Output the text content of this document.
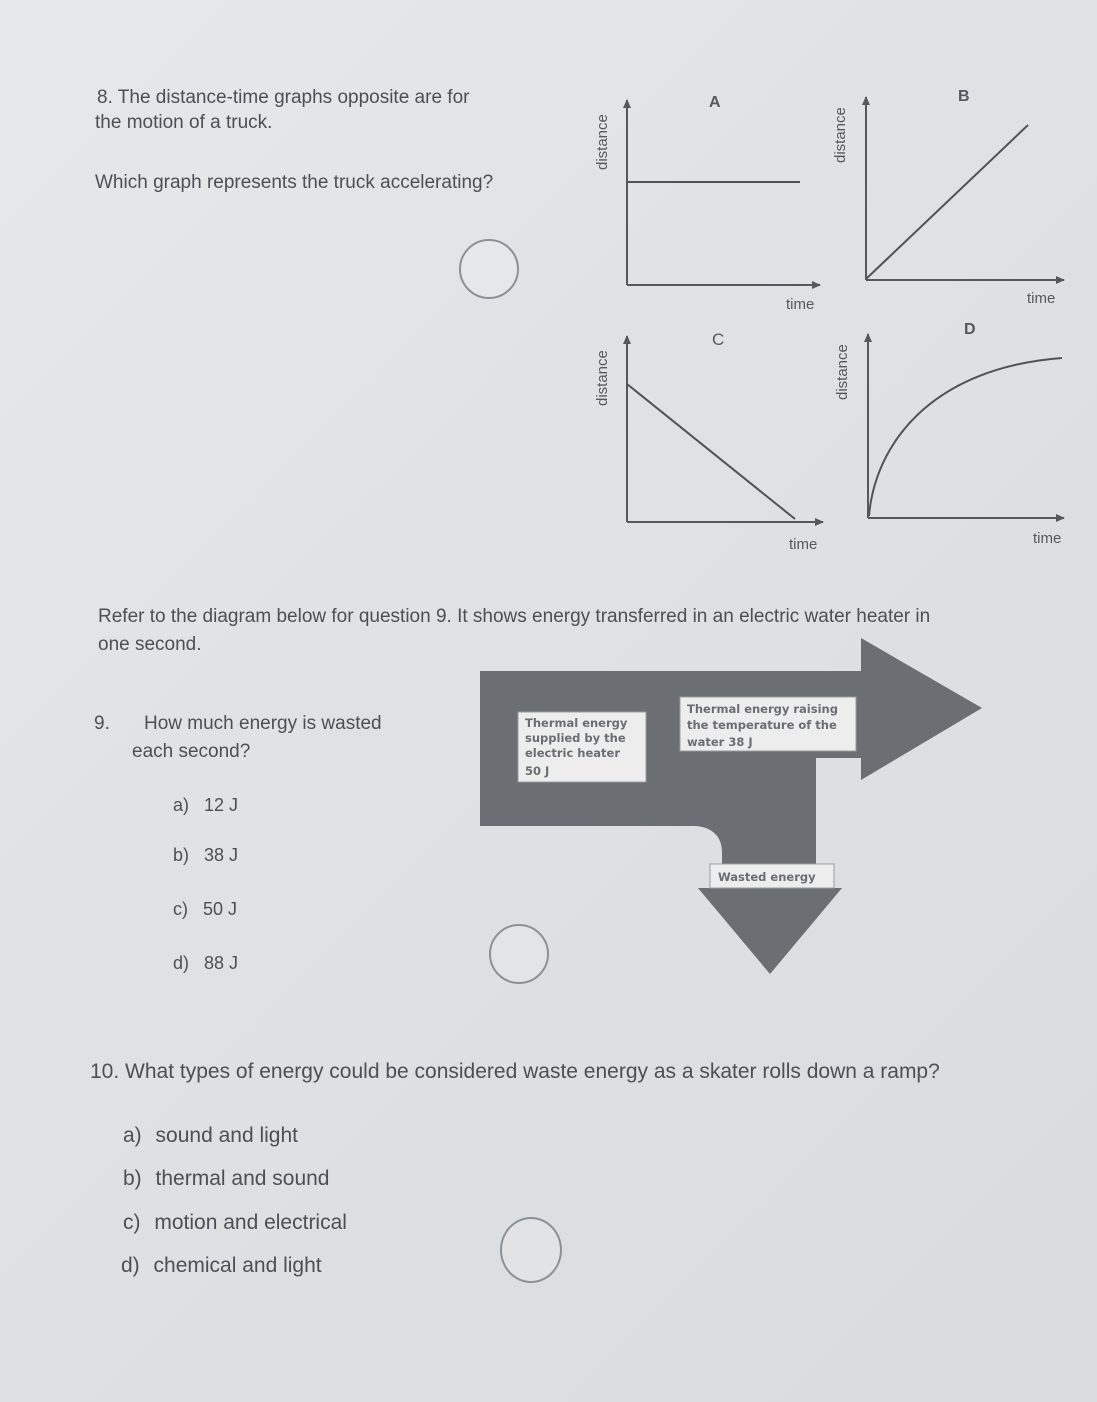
8. The distance-time graphs opposite are for
the motion of a truck.
Which graph represents the truck accelerating?
A
distance
time
B
distance
time
C
distance
time
D
distance
time
Refer to the diagram below for question 9. It shows energy transferred in an electric water heater in
one second.
9. How much energy is wasted
each second?
a) 12 J
b) 38 J
c) 50 J
d) 88 J
Thermal energy
supplied by the
electric heater
50 J
Thermal energy raising
the temperature of the
water 38 J
Wasted energy
10. What types of energy could be considered waste energy as a skater rolls down a ramp?
a) sound and light
b) thermal and sound
c) motion and electrical
d) chemical and light
